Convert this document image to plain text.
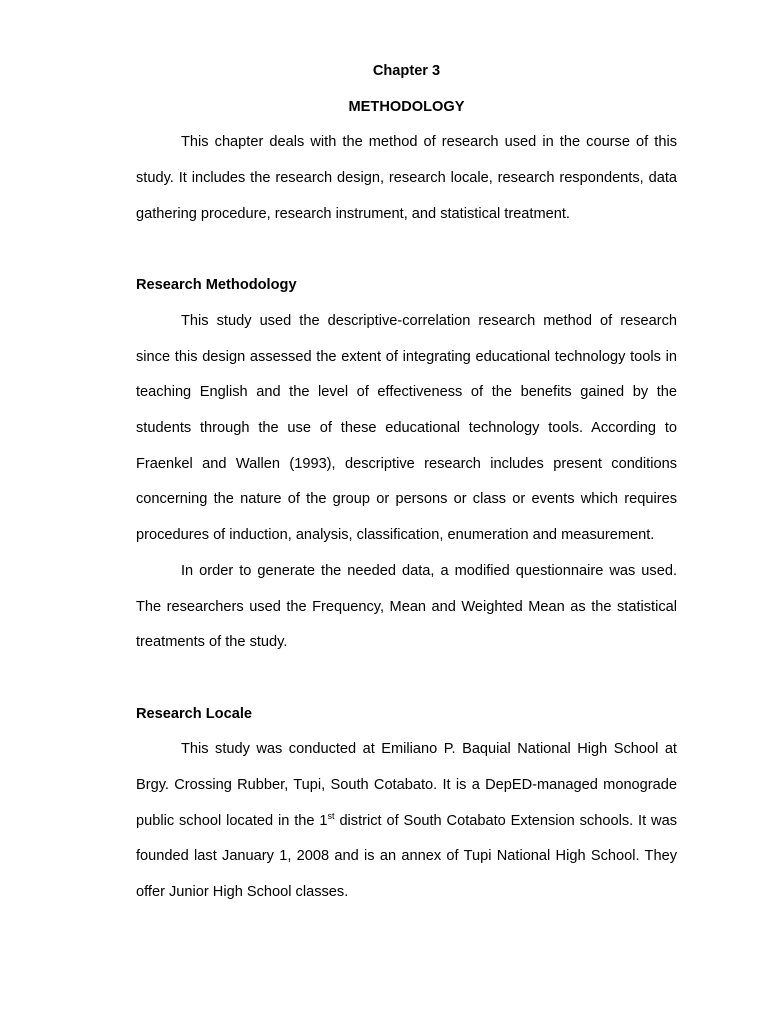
Chapter 3

METHODOLOGY

This chapter deals with the method of research used in the course of this study. It includes the research design, research locale, research respondents, data gathering procedure, research instrument, and statistical treatment.

Research Methodology

This study used the descriptive-correlation research method of research since this design assessed the extent of integrating educational technology tools in teaching English and the level of effectiveness of the benefits gained by the students through the use of these educational technology tools. According to Fraenkel and Wallen (1993), descriptive research includes present conditions concerning the nature of the group or persons or class or events which requires procedures of induction, analysis, classification, enumeration and measurement.

In order to generate the needed data, a modified questionnaire was used. The researchers used the Frequency, Mean and Weighted Mean as the statistical treatments of the study.

Research Locale

This study was conducted at Emiliano P. Baquial National High School at Brgy. Crossing Rubber, Tupi, South Cotabato. It is a DepED-managed monograde public school located in the 1st district of South Cotabato Extension schools. It was founded last January 1, 2008 and is an annex of Tupi National High School. They offer Junior High School classes.
